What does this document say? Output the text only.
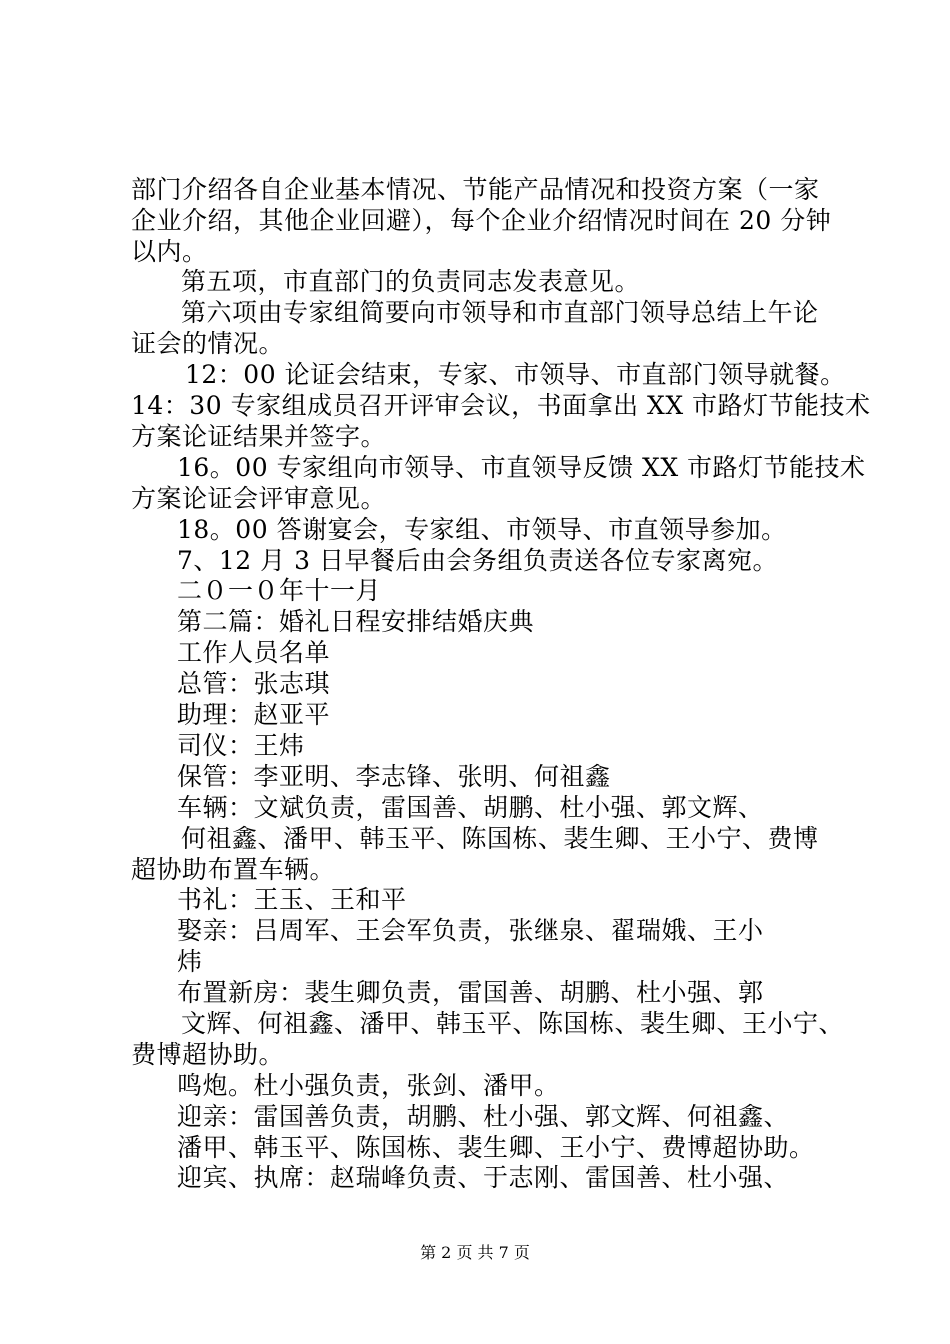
部门介绍各自企业基本情况、节能产品情况和投资方案（一家
企业介绍，其他企业回避），每个企业介绍情况时间在 20 分钟
以内。
第五项，市直部门的负责同志发表意见。
第六项由专家组简要向市领导和市直部门领导总结上午论
证会的情况。
12：00 论证会结束，专家、市领导、市直部门领导就餐。
14：30 专家组成员召开评审会议，书面拿出 XX 市路灯节能技术
方案论证结果并签字。
16。00 专家组向市领导、市直领导反馈 XX 市路灯节能技术
方案论证会评审意见。
18。00 答谢宴会，专家组、市领导、市直领导参加。
7、12 月 3 日早餐后由会务组负责送各位专家离宛。
二０一０年十一月
第二篇：婚礼日程安排结婚庆典
工作人员名单
总管：张志琪
助理：赵亚平
司仪：王炜
保管：李亚明、李志锋、张明、何祖鑫
车辆：文斌负责，雷国善、胡鹏、杜小强、郭文辉、
何祖鑫、潘甲、韩玉平、陈国栋、裴生卿、王小宁、费博
超协助布置车辆。
书礼：王玉、王和平
娶亲：吕周军、王会军负责，张继泉、翟瑞娥、王小
炜
布置新房：裴生卿负责，雷国善、胡鹏、杜小强、郭
文辉、何祖鑫、潘甲、韩玉平、陈国栋、裴生卿、王小宁、
费博超协助。
鸣炮。杜小强负责，张剑、潘甲。
迎亲：雷国善负责，胡鹏、杜小强、郭文辉、何祖鑫、
潘甲、韩玉平、陈国栋、裴生卿、王小宁、费博超协助。
迎宾、执席：赵瑞峰负责、于志刚、雷国善、杜小强、
第 2 页 共 7 页
